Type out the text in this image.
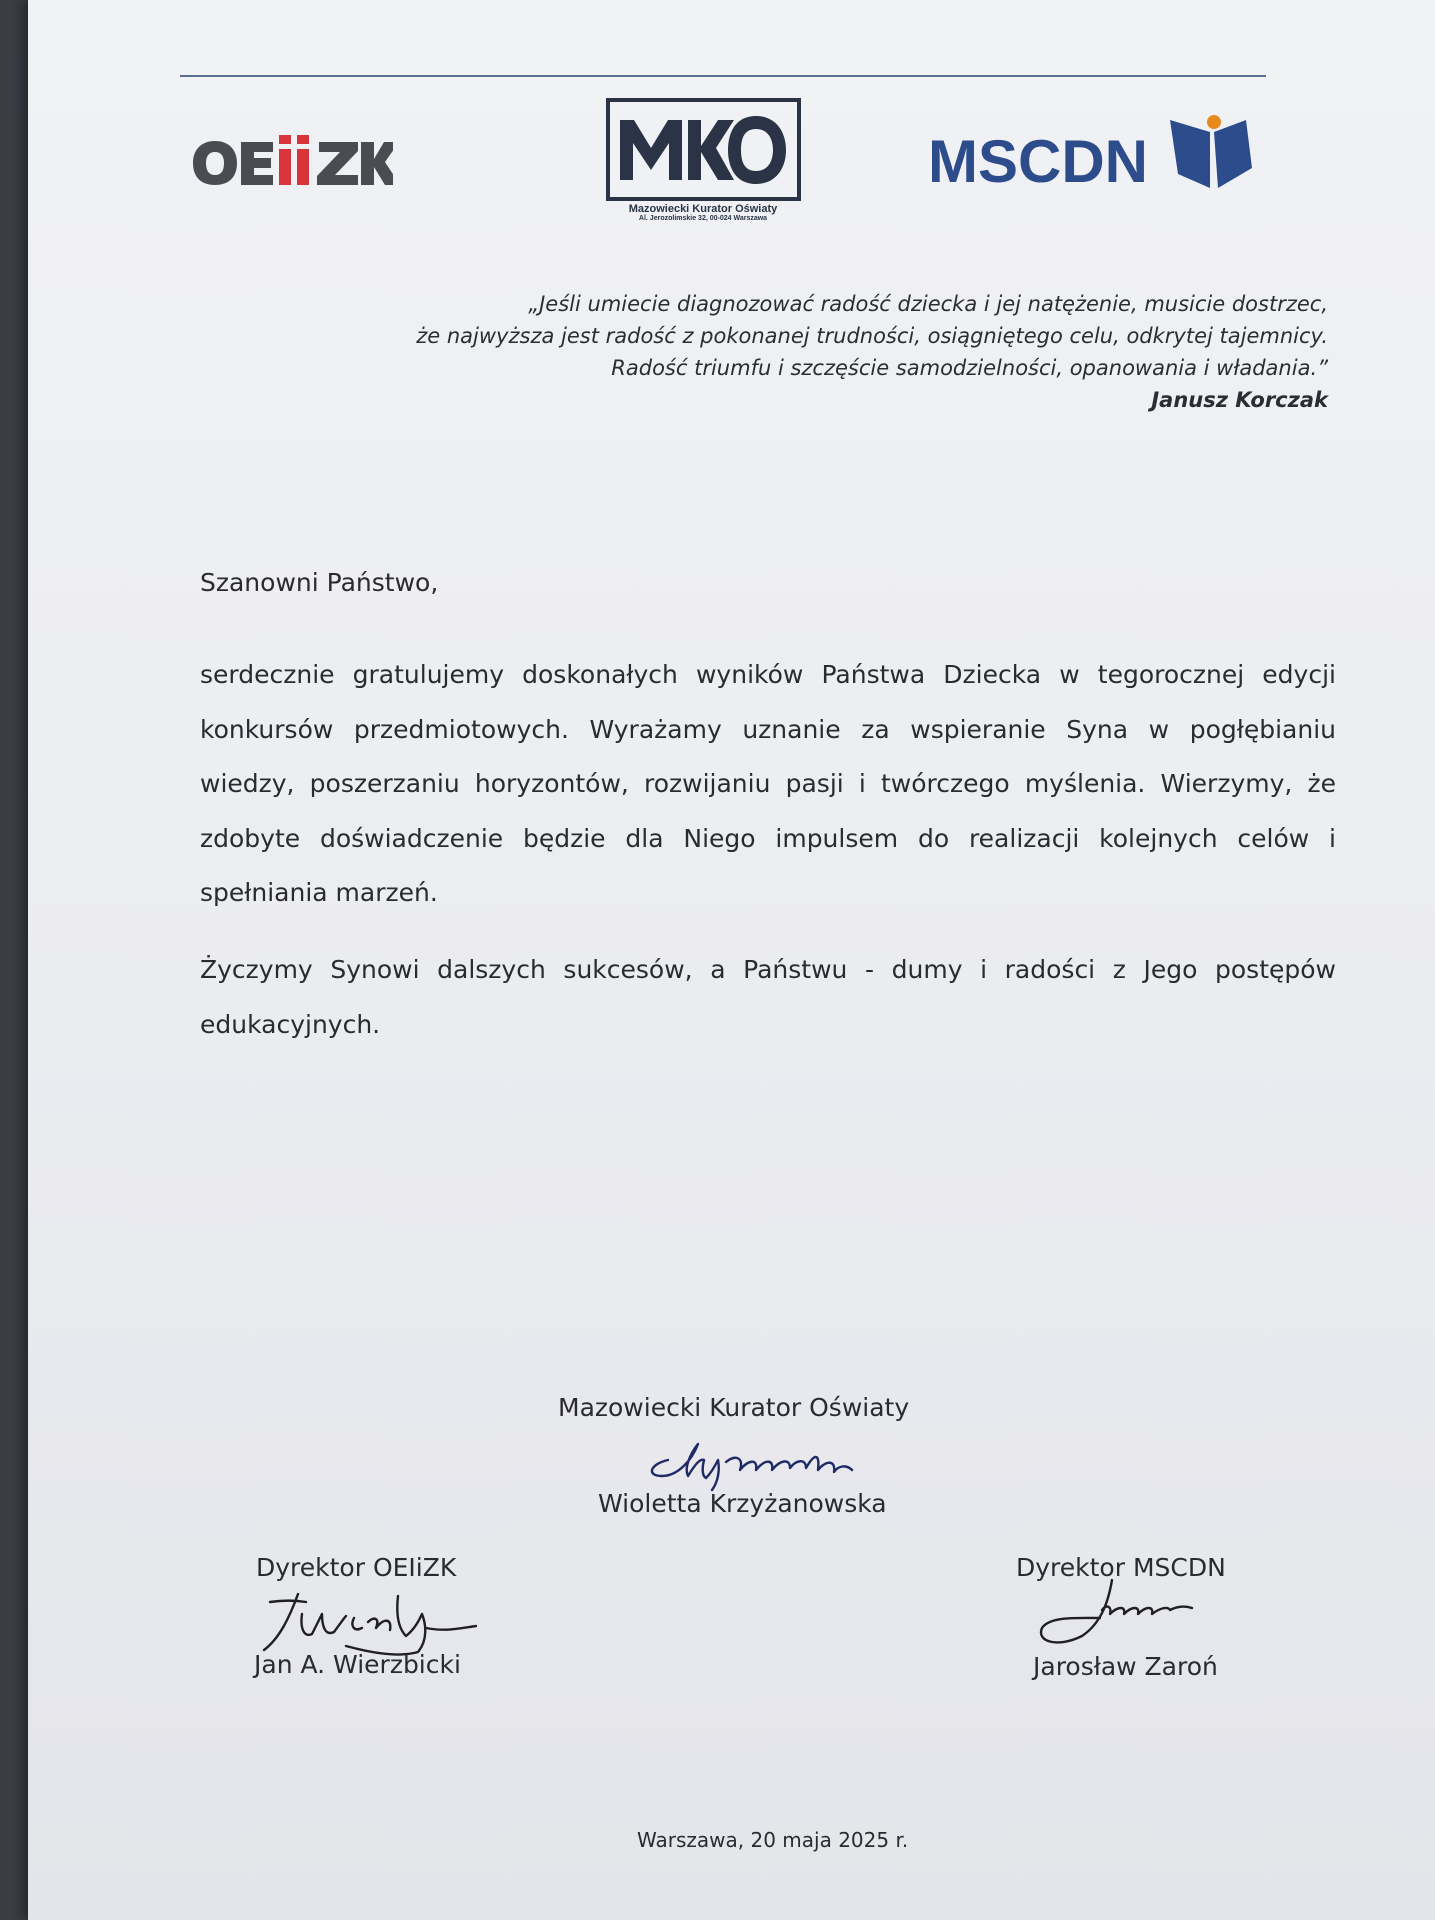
Mazowiecki Kurator Oświaty
Al. Jerozolimskie 32, 00-024 Warszawa
MSCDN
„Jeśli umiecie diagnozować radość dziecka i jej natężenie, musicie dostrzec,
że najwyższa jest radość z pokonanej trudności, osiągniętego celu, odkrytej tajemnicy.
Radość triumfu i szczęście samodzielności, opanowania i władania.”
Janusz Korczak
Szanowni Państwo,

serdecznie gratulujemy doskonałych wyników Państwa Dziecka w tegorocznej edycji konkursów przedmiotowych. Wyrażamy uznanie za wspieranie Syna w pogłębianiu wiedzy, poszerzaniu horyzontów, rozwijaniu pasji i twórczego myślenia. Wierzymy, że zdobyte doświadczenie będzie dla Niego impulsem do realizacji kolejnych celów i spełniania marzeń.

Życzymy Synowi dalszych sukcesów, a Państwu - dumy i radości z Jego postępów edukacyjnych.

Mazowiecki Kurator Oświaty
Wioletta Krzyżanowska
Dyrektor OEIiZK
Jan A. Wierzbicki
Dyrektor MSCDN
Jarosław Zaroń
Warszawa, 20 maja 2025 r.
